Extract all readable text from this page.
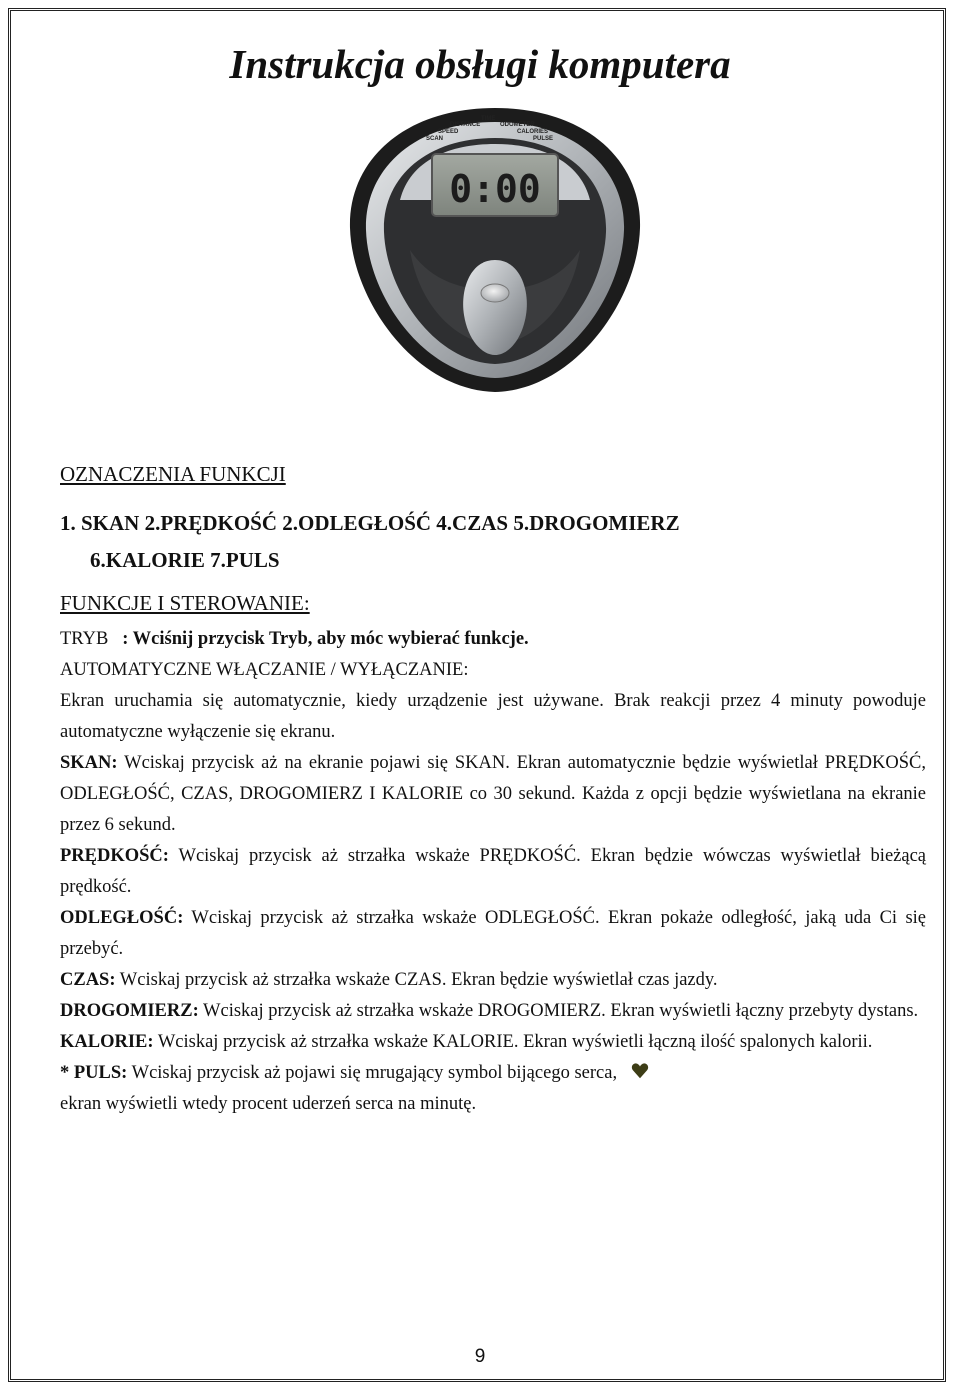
Instrukcja obsługi komputera
SCAN
SPEED
DISTANCE
TIME
ODOMETER
CALORIES
PULSE
0:00

OZNACZENIA FUNKCJI

1. SKAN 2.PRĘDKOŚĆ 2.ODLEGŁOŚĆ 4.CZAS 5.DROGOMIERZ
6.KALORIE 7.PULS

FUNKCJE I STEROWANIE:

TRYB : Wciśnij przycisk Tryb, aby móc wybierać funkcje.

AUTOMATYCZNE WŁĄCZANIE / WYŁĄCZANIE:

Ekran uruchamia się automatycznie, kiedy urządzenie jest używane. Brak reakcji przez 4 minuty powoduje automatyczne wyłączenie się ekranu.

SKAN: Wciskaj przycisk aż na ekranie pojawi się SKAN. Ekran automatycznie będzie wyświetlał PRĘDKOŚĆ, ODLEGŁOŚĆ, CZAS, DROGOMIERZ I KALORIE co 30 sekund. Każda z opcji będzie wyświetlana na ekranie przez 6 sekund.

PRĘDKOŚĆ: Wciskaj przycisk aż strzałka wskaże PRĘDKOŚĆ. Ekran będzie wówczas wyświetlał bieżącą prędkość.

ODLEGŁOŚĆ: Wciskaj przycisk aż strzałka wskaże ODLEGŁOŚĆ. Ekran pokaże odległość, jaką uda Ci się przebyć.

CZAS: Wciskaj przycisk aż strzałka wskaże CZAS. Ekran będzie wyświetlał czas jazdy.

DROGOMIERZ: Wciskaj przycisk aż strzałka wskaże DROGOMIERZ. Ekran wyświetli łączny przebyty dystans.

KALORIE: Wciskaj przycisk aż strzałka wskaże KALORIE. Ekran wyświetli łączną ilość spalonych kalorii.

* PULS: Wciskaj przycisk aż pojawi się mrugający symbol bijącego serca,

ekran wyświetli wtedy procent uderzeń serca na minutę.

9
